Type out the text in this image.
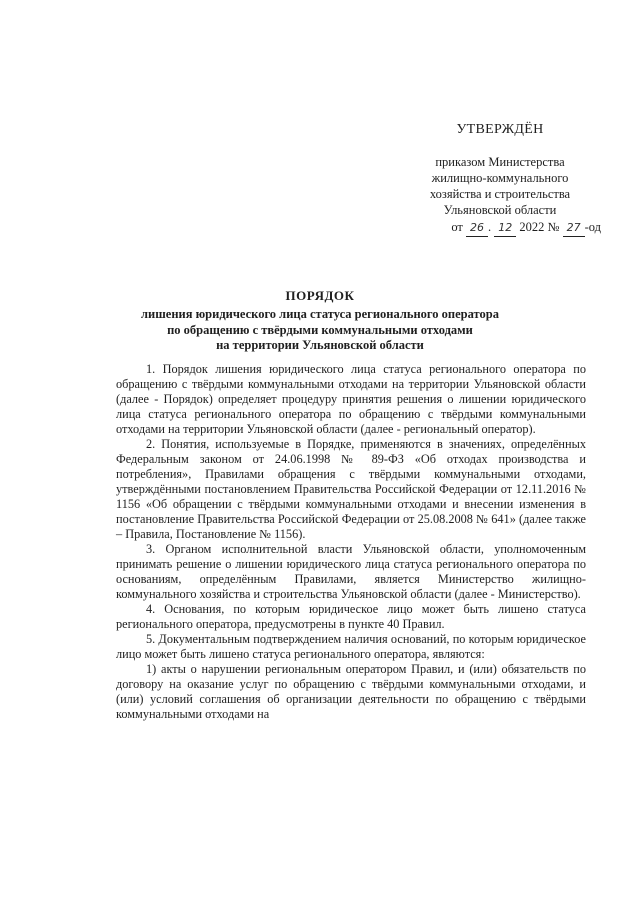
УТВЕРЖДЁН
приказом Министерства
жилищно-коммунального
хозяйства и строительства
Ульяновской области
от 26 . 12 2022 № 27 -од
ПОРЯДОК
лишения юридического лица статуса регионального оператора
по обращению с твёрдыми коммунальными отходами
на территории Ульяновской области

1. Порядок лишения юридического лица статуса регионального оператора по обращению с твёрдыми коммунальными отходами на территории Ульяновской области (далее - Порядок) определяет процедуру принятия решения о лишении юридического лица статуса регионального оператора по обращению с твёрдыми коммунальными отходами на территории Ульяновской области (далее - региональный оператор).

2. Понятия, используемые в Порядке, применяются в значениях, определённых Федеральным законом от 24.06.1998 № 89-ФЗ «Об отходах производства и потребления», Правилами обращения с твёрдыми коммунальными отходами, утверждёнными постановлением Правительства Российской Федерации от 12.11.2016 № 1156 «Об обращении с твёрдыми коммунальными отходами и внесении изменения в постановление Правительства Российской Федерации от 25.08.2008 № 641» (далее также – Правила, Постановление № 1156).

3. Органом исполнительной власти Ульяновской области, уполномоченным принимать решение о лишении юридического лица статуса регионального оператора по основаниям, определённым Правилами, является Министерство жилищно-коммунального хозяйства и строительства Ульяновской области (далее - Министерство).

4. Основания, по которым юридическое лицо может быть лишено статуса регионального оператора, предусмотрены в пункте 40 Правил.

5. Документальным подтверждением наличия оснований, по которым юридическое лицо может быть лишено статуса регионального оператора, являются:

1) акты о нарушении региональным оператором Правил, и (или) обязательств по договору на оказание услуг по обращению с твёрдыми коммунальными отходами, и (или) условий соглашения об организации деятельности по обращению с твёрдыми коммунальными отходами на
